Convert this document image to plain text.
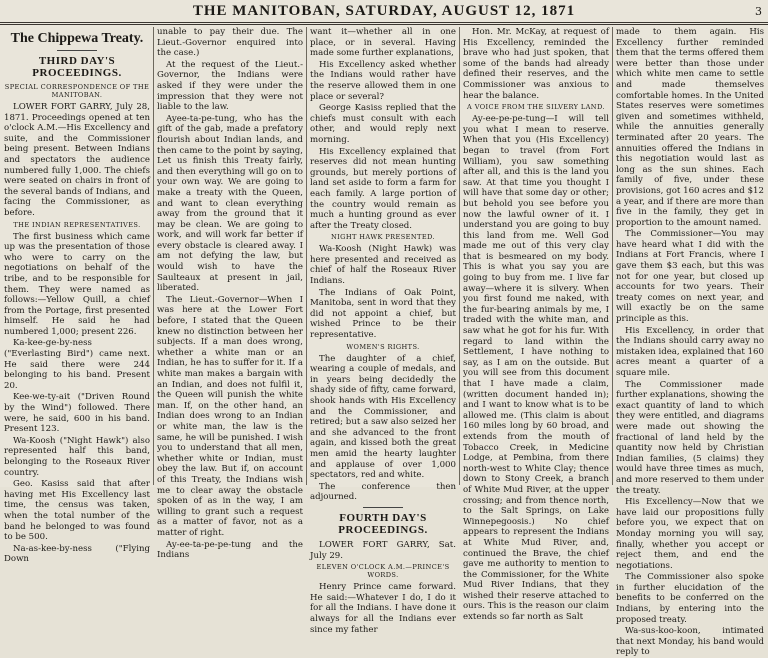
THE MANITOBAN, SATURDAY, AUGUST 12, 1871	3
The Chippewa Treaty.
THIRD DAY'S PROCEEDINGS.
SPECIAL CORRESPONDENCE OF THE MANITOBAN.

LOWER FORT GARRY, July 28, 1871. Proceedings opened at ten o'clock A.M.—His Excellency and suite, and the Commissioner being present. Between Indians and spectators the audience numbered fully 1,000. The chiefs were seated on chairs in front of the several bands of Indians, and facing the Commissioner, as before.

THE INDIAN REPRESENTATIVES.

The first business which came up was the presentation of those who were to carry on the negotiations on behalf of the tribe, and to be responsible for them. They were named as follows:—Yellow Quill, a chief from the Portage, first presented himself. He said he had numbered 1,000; present 226.

Ka-kee-ge-by-ness ("Everlasting Bird") came next. He said there were 244 belonging to his band. Present 20.

Kee-we-ty-ait ("Driven Round by the Wind") followed. There were, he said, 600 in his band. Present 123.

Wa-Koosh ("Night Hawk") also represented half this band, belonging to the Roseaux River country.

Geo. Kasiss said that after having met His Excellency last time, the census was taken, when the total number of the band he belonged to was found to be 500.

Na-as-kee-by-ness ("Flying Down

unable to pay their due. The Lieut.-Governor enquired into the case.)

At the request of the Lieut.-Governor, the Indians were asked if they were under the impression that they were not liable to the law.

Ayee-ta-pe-tung, who has the gift of the gab, made a prefatory flourish about Indian lands, and then came to the point by saying, Let us finish this Treaty fairly, and then everything will go on to your own way. We are going to make a treaty with the Queen, and want to clean everything away from the ground that it may be clean. We are going to work, and will work far better if every obstacle is cleared away. I am not defying the law, but would wish to have the Saulteaux at present in jail, liberated.

The Lieut.-Governor—When I was here at the Lower Fort before, I stated that the Queen knew no distinction between her subjects. If a man does wrong, whether a white man or an Indian, he has to suffer for it. If a white man makes a bargain with an Indian, and does not fulfil it, the Queen will punish the white man. If, on the other hand, an Indian does wrong to an Indian or white man, the law is the same, he will be punished. I wish you to understand that all men, whether white or Indian, must obey the law. But if, on account of this Treaty, the Indians wish me to clear away the obstacle spoken of as in the way, I am willing to grant such a request as a matter of favor, not as a matter of right.

Ay-ee-ta-pe-pe-tung and the Indians

want it—whether all in one place, or in several. Having made some further explanations,

His Excellency asked whether the Indians would rather have the reserve allowed them in one place or several?

George Kasiss replied that the chiefs must consult with each other, and would reply next morning.

His Excellency explained that reserves did not mean hunting grounds, but merely portions of land set aside to form a farm for each family. A large portion of the country would remain as much a hunting ground as ever after the Treaty closed.

NIGHT HAWK PRESENTED.

Wa-Koosh (Night Hawk) was here presented and received as chief of half the Roseaux River Indians.

The Indians of Oak Point, Manitoba, sent in word that they did not appoint a chief, but wished Prince to be their representative.

WOMEN'S RIGHTS.

The daughter of a chief, wearing a couple of medals, and in years being decidedly the shady side of fifty, came forward, shook hands with His Excellency and the Commissioner, and retired; but a saw also seized her and she advanced to the front again, and kissed both the great men amid the hearty laughter and applause of over 1,000 spectators, red and white.

The conference then adjourned.

FOURTH DAY'S PROCEEDINGS.

LOWER FORT GARRY, Sat. July 29.

ELEVEN O'CLOCK A.M.—PRINCE'S WORDS.

Henry Prince came forward. He said:—Whatever I do, I do it for all the Indians. I have done it always for all the Indians ever since my father

Hon. Mr. McKay, at request of His Excellency, reminded the brave who had just spoken, that some of the bands had already defined their reserves, and the Commissioner was anxious to hear the balance.

A VOICE FROM THE SILVERY LAND.

Ay-ee-pe-pe-tung—I will tell you what I mean to reserve. When that you (His Excellency) began to travel (from Fort William), you saw something after all, and this is the land you saw. At that time you thought I will have that some day or other; but behold you see before you now the lawful owner of it. I understand you are going to buy this land from me. Well God made me out of this very clay that is besmeared on my body. This is what you say you are going to buy from me. I live far away—where it is silvery. When you first found me naked, with the fur-bearing animals by me, I traded with the white man, and saw what he got for his fur. With regard to land within the Settlement, I have nothing to say, as I am on the outside. But you will see from this document that I have made a claim, (written document handed in); and I want to know what is to be allowed me. (This claim is about 160 miles long by 60 broad, and extends from the mouth of Tobacco Creek, in Medicine Lodge, at Pembina, from there north-west to White Clay; thence down to Stony Creek, a branch of White Mud River, at the upper crossing; and from thence north, to the Salt Springs, on Lake Winnepegoosis.) No chief appears to represent the Indians at White Mud River, and, continued the Brave, the chief gave me authority to mention to the Commissioner, for the White Mud River Indians, that they wished their reserve attached to ours. This is the reason our claim extends so far north as Salt

made to them again. His Excellency further reminded them that the terms offered them were better than those under which white men came to settle and made themselves comfortable homes. In the United States reserves were sometimes given and sometimes withheld, while the annuities generally terminated after 20 years. The annuities offered the Indians in this negotiation would last as long as the sun shines. Each family of five, under these provisions, got 160 acres and $12 a year, and if there are more than five in the family, they get in proportion to the amount named.

The Commissioner—You may have heard what I did with the Indians at Fort Francis, where I gave them $3 each, but this was not for one year, but closed up accounts for two years. Their treaty comes on next year, and will exactly be on the same principle as this.

His Excellency, in order that the Indians should carry away no mistaken idea, explained that 160 acres meant a quarter of a square mile.

The Commissioner made further explanations, showing the exact quantity of land to which they were entitled, and diagrams were made out showing the fractional of land held by the quantity now held by Christian Indian families, (5 claims) they would have three times as much, and more reserved to them under the treaty.

His Excellency—Now that we have laid our propositions fully before you, we expect that on Monday morning you will say, finally, whether you accept or reject them, and end the negotiations.

The Commissioner also spoke in further elucidation of the benefits to be conferred on the Indians, by entering into the proposed treaty.

Wa-sus-koo-koon, intimated that next Monday, his band would reply to
